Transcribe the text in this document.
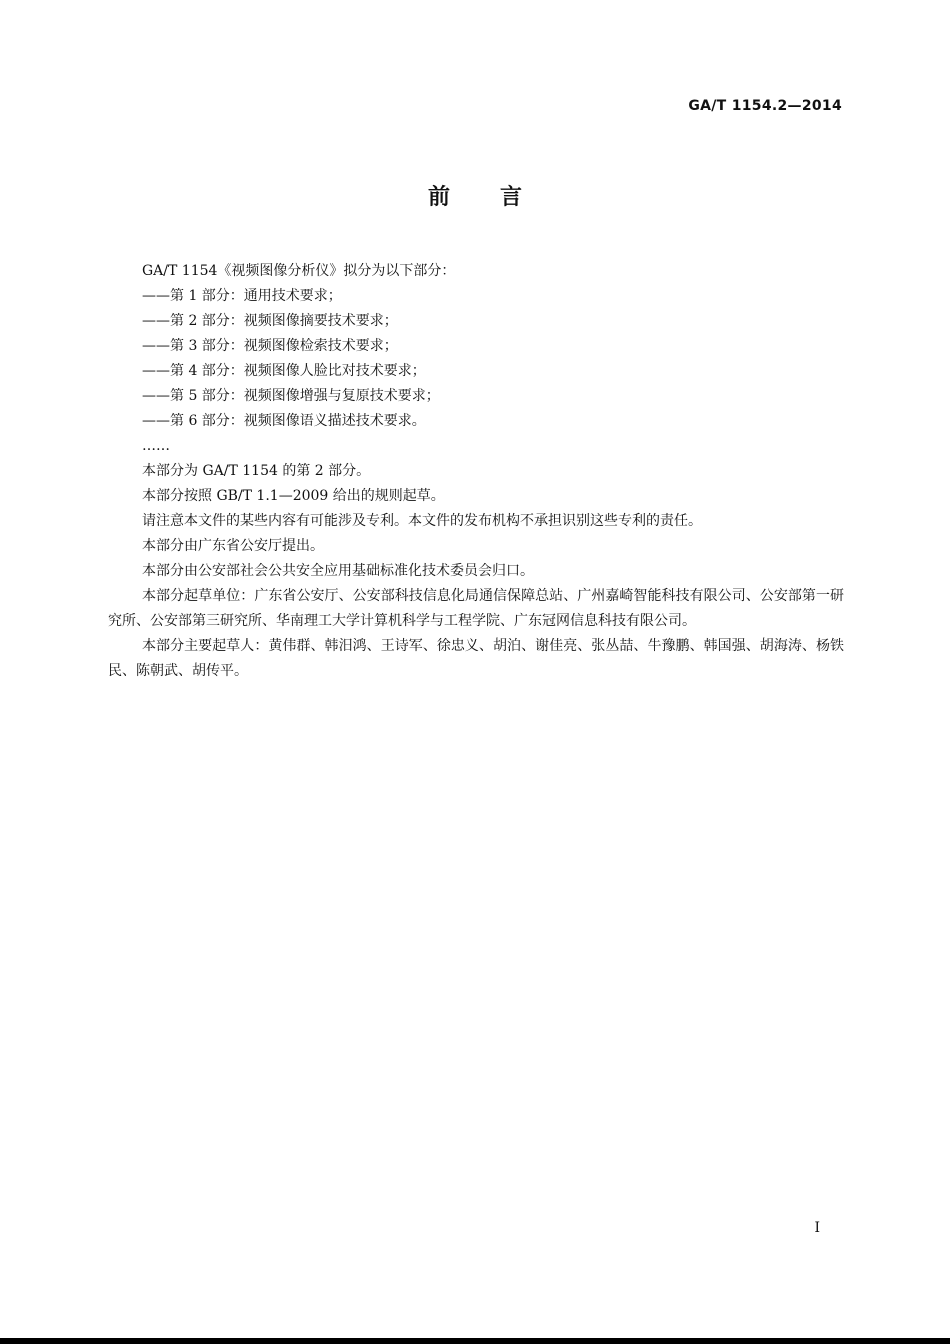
GA/T 1154.2—2014
前言

GA/T 1154《视频图像分析仪》拟分为以下部分：

——第 1 部分：通用技术要求；

——第 2 部分：视频图像摘要技术要求；

——第 3 部分：视频图像检索技术要求；

——第 4 部分：视频图像人脸比对技术要求；

——第 5 部分：视频图像增强与复原技术要求；

——第 6 部分：视频图像语义描述技术要求。

……

本部分为 GA/T 1154 的第 2 部分。

本部分按照 GB/T 1.1—2009 给出的规则起草。

请注意本文件的某些内容有可能涉及专利。本文件的发布机构不承担识别这些专利的责任。

本部分由广东省公安厅提出。

本部分由公安部社会公共安全应用基础标准化技术委员会归口。

本部分起草单位：广东省公安厅、公安部科技信息化局通信保障总站、广州嘉崎智能科技有限公司、公安部第一研究所、公安部第三研究所、华南理工大学计算机科学与工程学院、广东冠网信息科技有限公司。

本部分主要起草人：黄伟群、韩汨鸿、王诗军、徐忠义、胡泊、谢佳亮、张丛喆、牛豫鹏、韩国强、胡海涛、杨铁民、陈朝武、胡传平。

I
